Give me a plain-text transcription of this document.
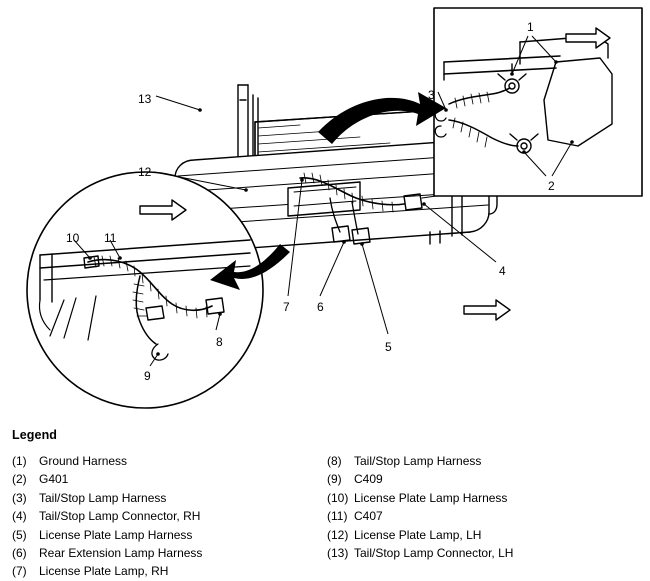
1
2
3
4
5
6
7
8
9
10 11
12
13
Legend
(1)	Ground Harness
(2)	G401
(3)	Tail/Stop Lamp Harness
(4)	Tail/Stop Lamp Connector, RH
(5)	License Plate Lamp Harness
(6)	Rear Extension Lamp Harness
(7)	License Plate Lamp, RH
(8)	Tail/Stop Lamp Harness
(9)	C409
(10) License Plate Lamp Harness
(11) C407
(12) License Plate Lamp, LH
(13) Tail/Stop Lamp Connector, LH
